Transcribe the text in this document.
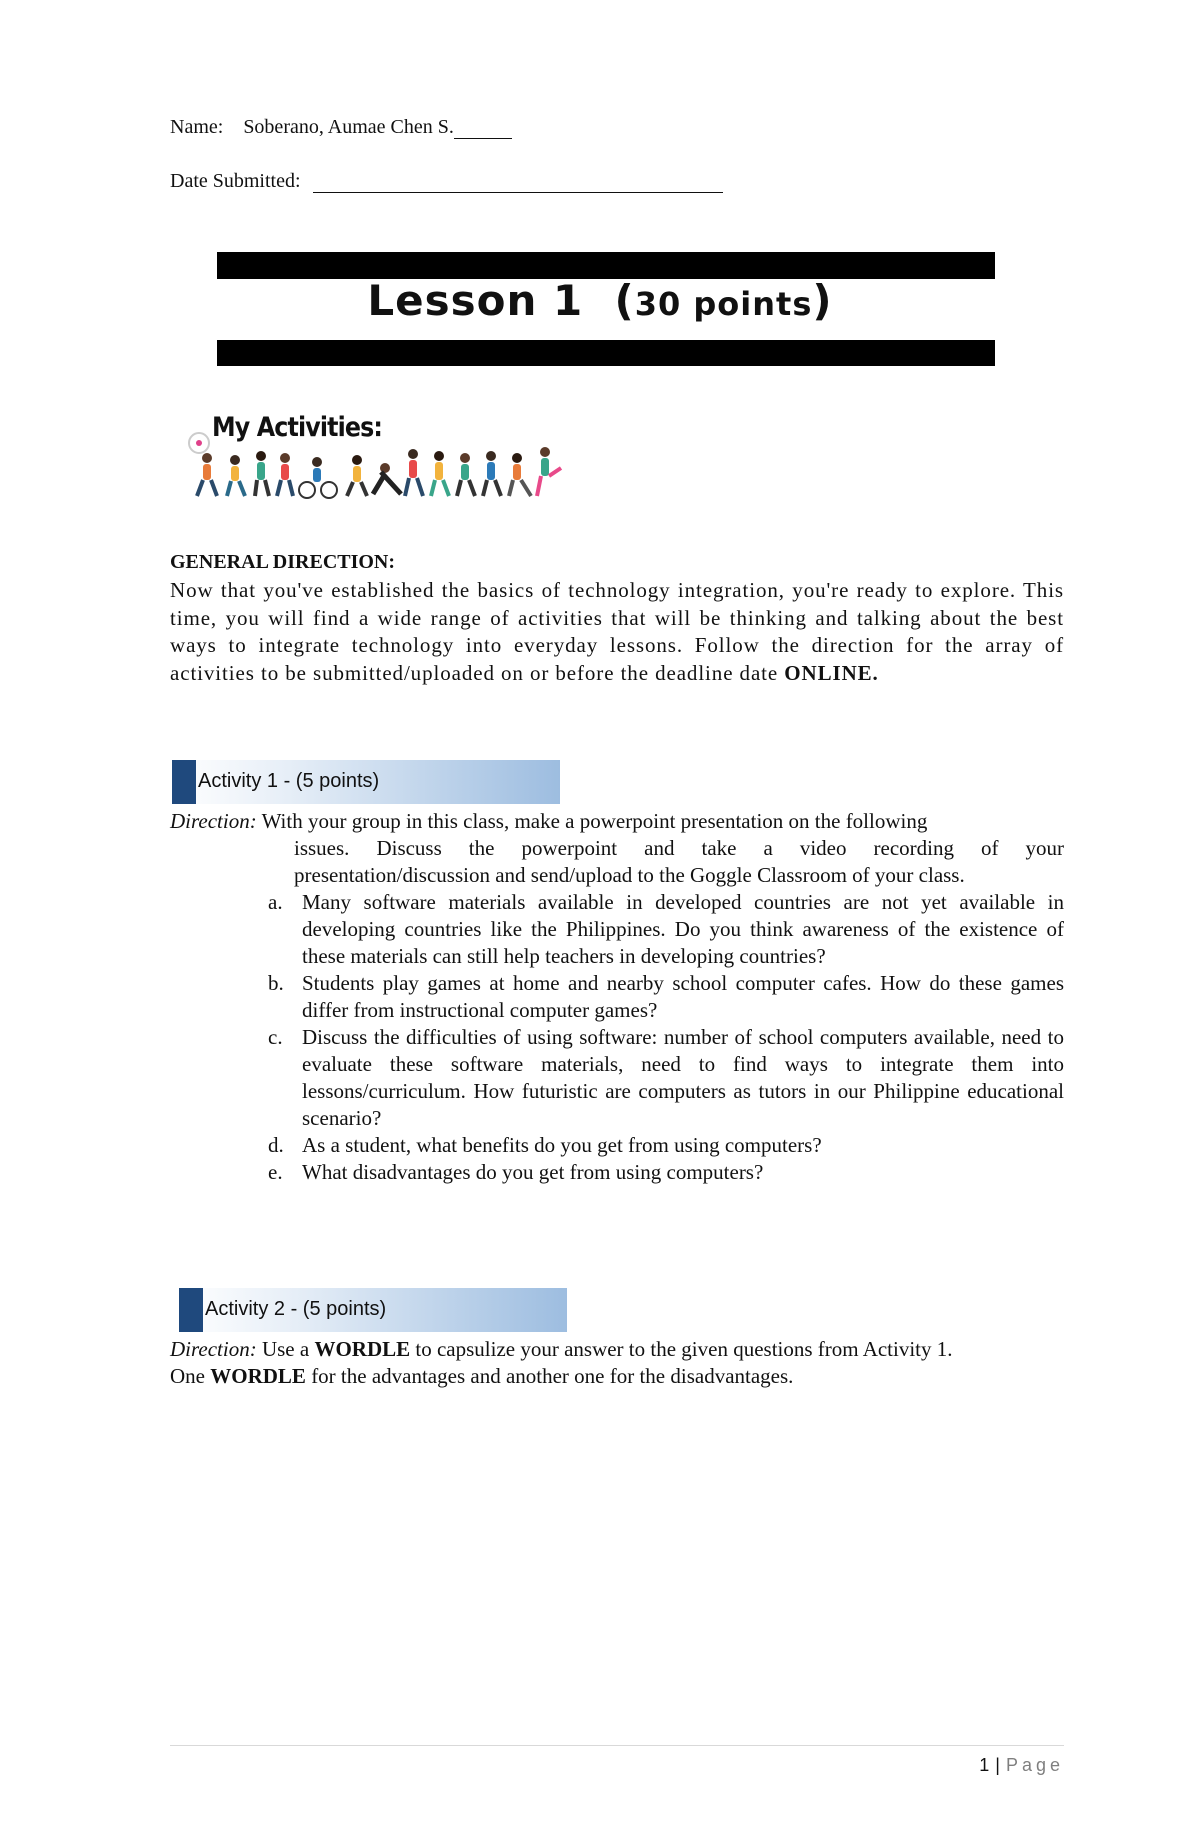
Name: Soberano, Aumae Chen S.
Date Submitted:
Lesson 1 (30 points)
My Activities:
GENERAL DIRECTION:
Now that you've established the basics of technology integration, you're ready to explore. This time, you will find a wide range of activities that will be thinking and talking about the best ways to integrate technology into everyday lessons. Follow the direction for the array of activities to be submitted/uploaded on or before the deadline date ONLINE.
Activity 1 - (5 points)
Direction: With your group in this class, make a powerpoint presentation on the following
issues. Discuss the powerpoint and take a video recording of your
presentation/discussion and send/upload to the Goggle Classroom of your class.
a. Many software materials available in developed countries are not yet available in developing countries like the Philippines. Do you think awareness of the existence of these materials can still help teachers in developing countries?
b. Students play games at home and nearby school computer cafes. How do these games differ from instructional computer games?
c. Discuss the difficulties of using software: number of school computers available, need to evaluate these software materials, need to find ways to integrate them into lessons/curriculum. How futuristic are computers as tutors in our Philippine educational scenario?
d. As a student, what benefits do you get from using computers?
e. What disadvantages do you get from using computers?
Activity 2 - (5 points)
Direction: Use a WORDLE to capsulize your answer to the given questions from Activity 1.
One WORDLE for the advantages and another one for the disadvantages.
1 | Page
